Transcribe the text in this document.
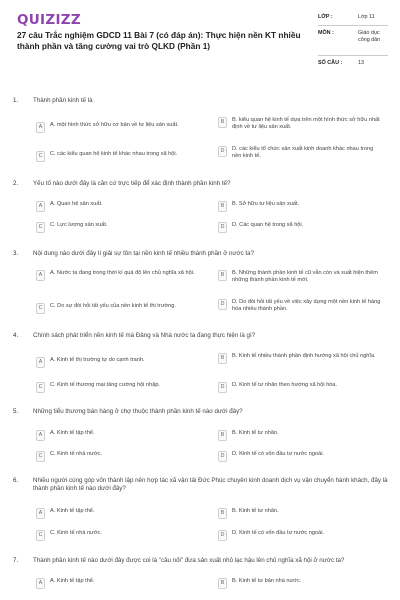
QUIZIZZ
27 câu Trắc nghiệm GDCD 11 Bài 7 (có đáp án): Thực hiện nền KT nhiều thành phần và tăng cường vai trò QLKD (Phần 1)
LỚP :	Lớp 11
MÔN :	Giáo dục công dân
SỐ CÂU :	13
1. Thành phần kinh tế là
A	A. một hình thức sở hữu cơ bản về tư liệu sản xuất.	B	B. kiểu quan hệ kinh tế dựa trên một hình thức sở hữu nhất định về tư liệu sản xuất.
C	C. các kiểu quan hệ kinh tế khác nhau trong xã hội.	D	D. các kiểu tổ chức sản xuất kinh doanh khác nhau trong nền kinh tế.
2. Yếu tố nào dưới đây là căn cứ trực tiếp để xác định thành phần kinh tế?
A	A. Quan hệ sản xuất.	B	B. Sở hữu tư liệu sản xuất.
C	C. Lực lượng sản xuất.	D	D. Các quan hệ trong xã hội.
3. Nội dung nào dưới đây lí giải sự tồn tại nền kinh tế nhiều thành phần ở nước ta?
A	A. Nước ta đang trong thời kì quá độ lên chủ nghĩa xã hội.	B	B. Những thành phần kinh tế cũ vẫn còn và xuất hiện thêm những thành phần kinh tế mới.
C	C. Do sự đòi hỏi tất yếu của nền kinh tế thị trường.	D	D. Do đòi hỏi tất yếu về việc xây dựng một nền kinh tế hàng hóa nhiều thành phần.
4. Chính sách phát triển nền kinh tế mà Đảng và Nhà nước ta đang thực hiện là gì?
A	A. Kinh tế thị trường tự do cạnh tranh.	B	B. Kinh tế nhiều thành phần định hướng xã hội chủ nghĩa.
C	C. Kinh tế thương mại tăng cường hội nhập.	D	D. Kinh tế tư nhân theo hướng xã hội hóa.
5. Những tiểu thương bán hàng ở chợ thuộc thành phần kinh tế nào dưới đây?
A	A. Kinh tế tập thể.	B	B. Kinh tế tư nhân.
C	C. Kinh tế nhà nước.	D	D. Kinh tế có vốn đầu tư nước ngoài.
6. Nhiều người cùng góp vốn thành lập nên hợp tác xã vận tải Đức Phúc chuyên kinh doanh dịch vụ vận chuyển hành khách, đây là thành phần kinh tế nào dưới đây?
A	A. Kinh tế tập thể.	B	B. Kinh tế tư nhân.
C	C. Kinh tế nhà nước.	D	D. Kinh tế có vốn đầu tư nước ngoài.
7. Thành phần kinh tế nào dưới đây được coi là "cầu nối" đưa sản xuất nhỏ lạc hậu lên chủ nghĩa xã hội ở nước ta?
A	A. Kinh tế tập thể.	B	B. Kinh tế tư bản nhà nước.
